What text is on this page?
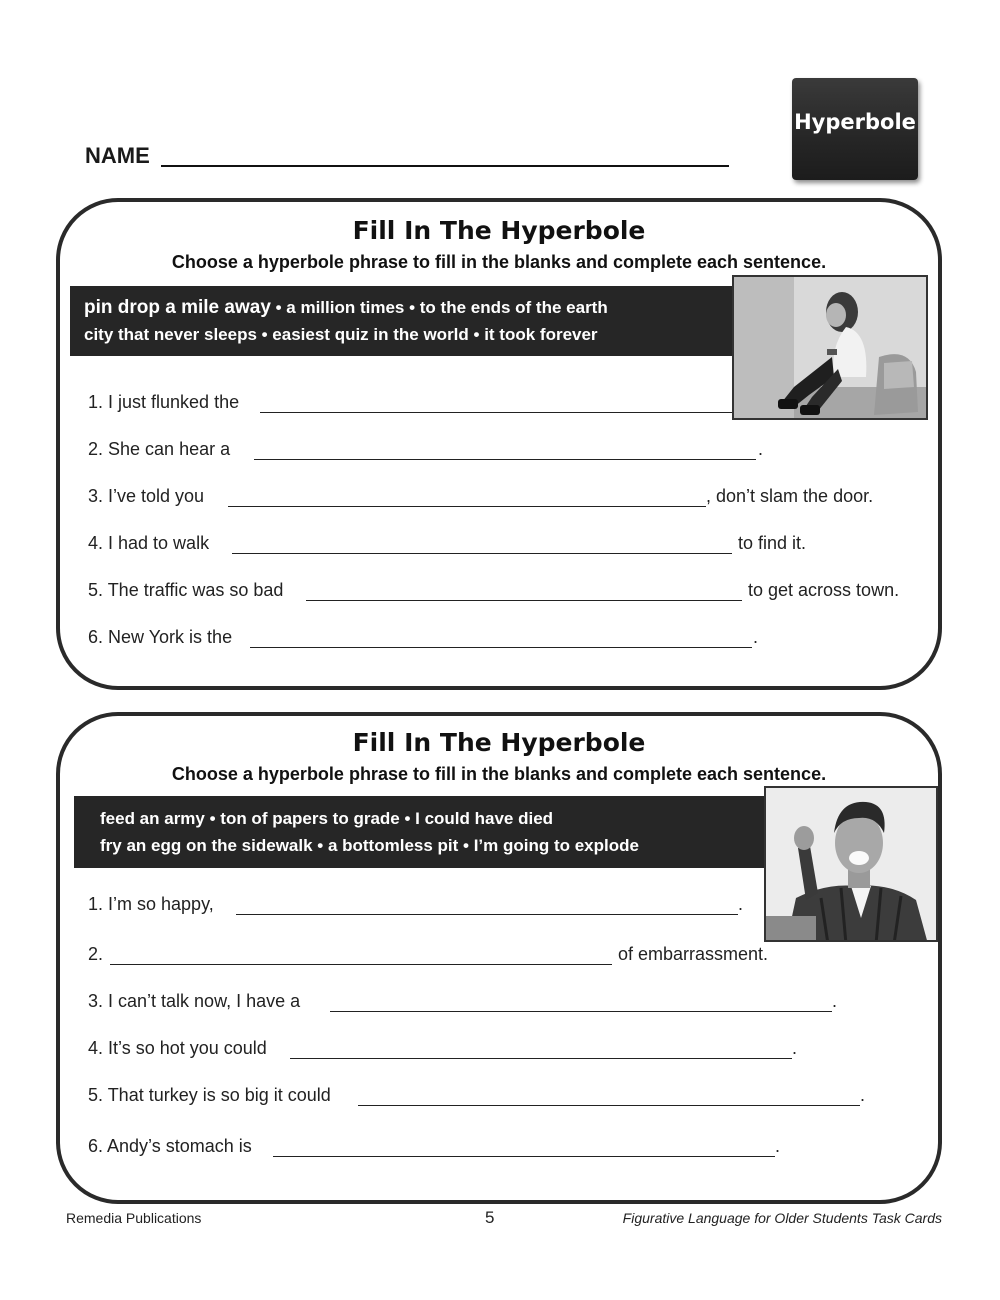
Hyperbole
NAME
Fill In The Hyperbole
Choose a hyperbole phrase to fill in the blanks and complete each sentence.
pin drop a mile away • a million times • to the ends of the earth
city that never sleeps • easiest quiz in the world • it took forever
1. I just flunked the
2. She can hear a	.
3. I’ve told you	, don’t slam the door.
4. I had to walk	to find it.
5. The traffic was so bad	to get across town.
6. New York is the	.
Fill In The Hyperbole
Choose a hyperbole phrase to fill in the blanks and complete each sentence.
feed an army • ton of papers to grade • I could have died
fry an egg on the sidewalk • a bottomless pit • I’m going to explode
1. I’m so happy,	.
2.	of embarrassment.
3. I can’t talk now, I have a	.
4. It’s so hot you could	.
5. That turkey is so big it could	.
6. Andy’s stomach is	.
Remedia Publications	5	Figurative Language for Older Students Task Cards
